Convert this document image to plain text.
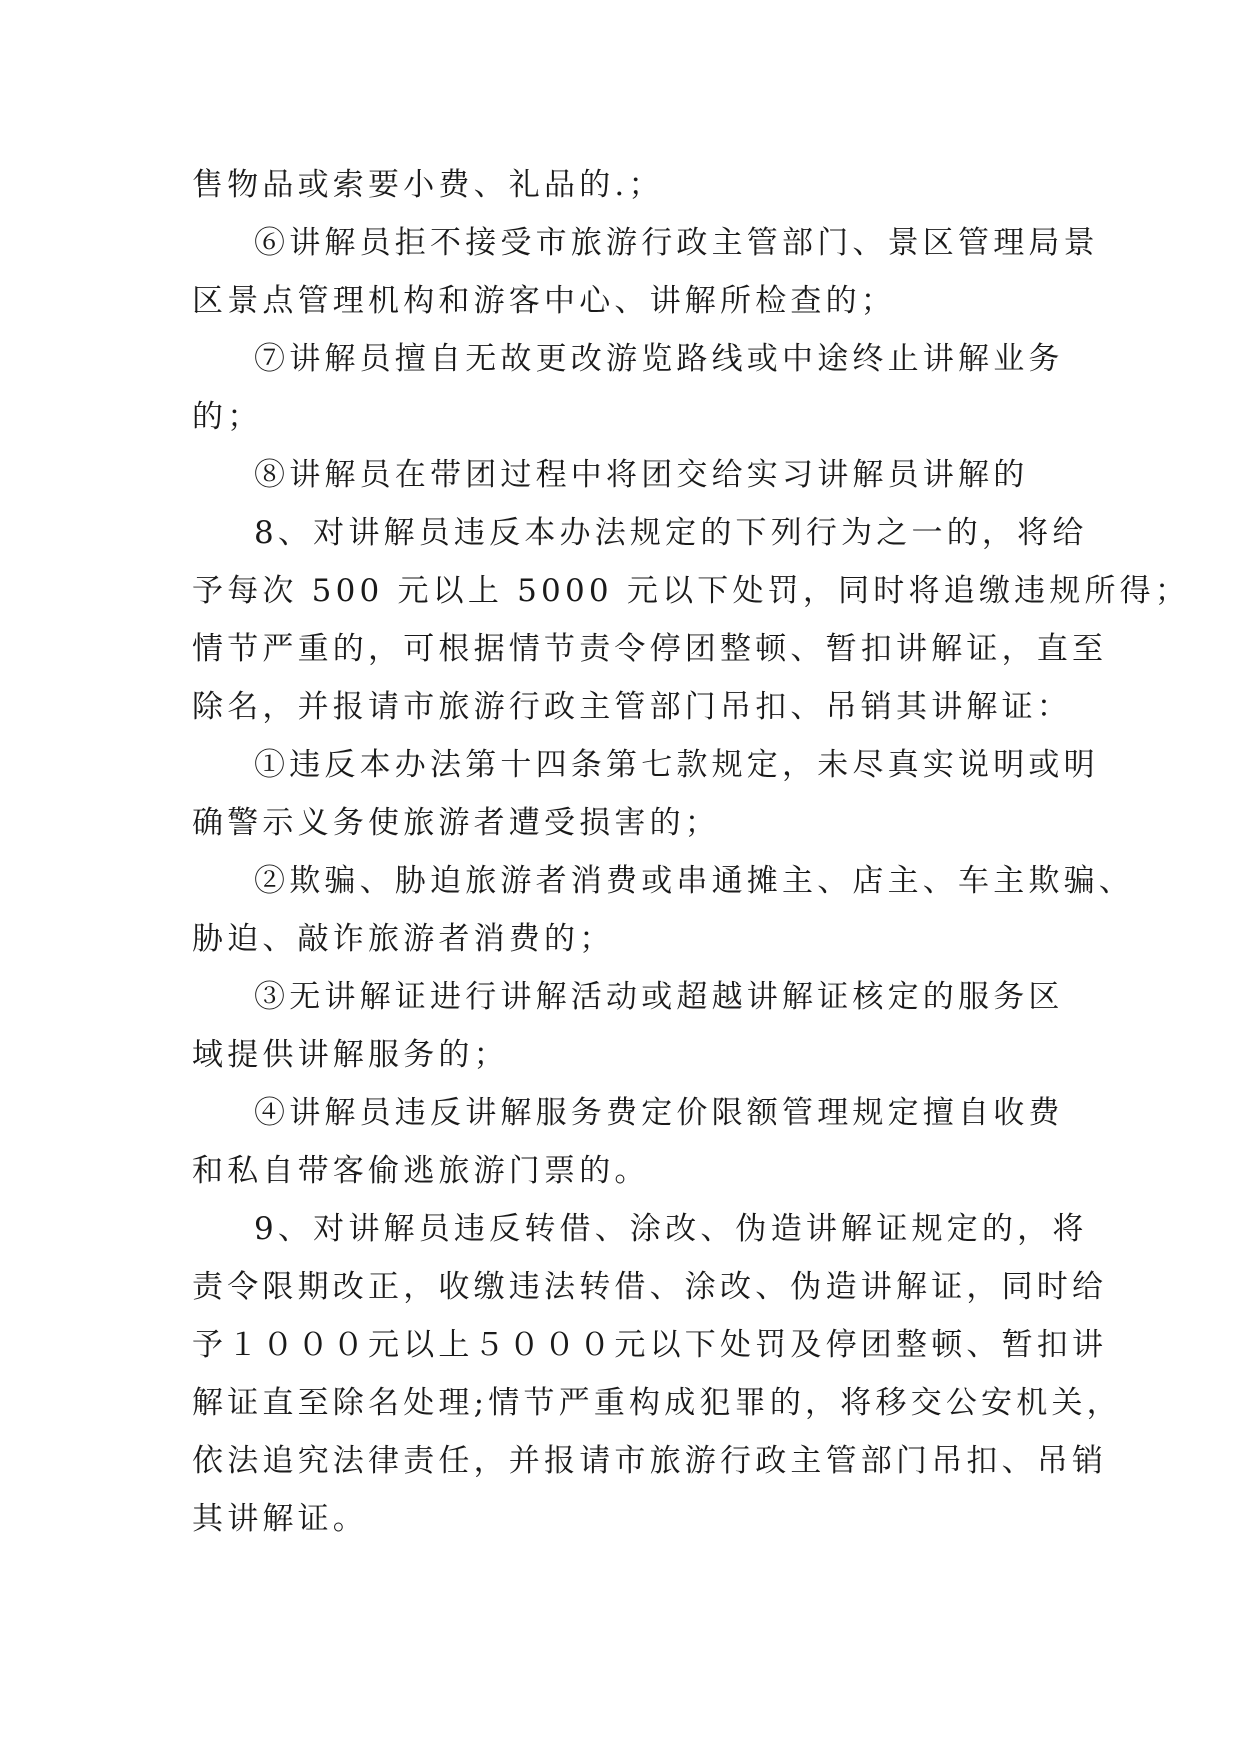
售物品或索要小费、礼品的.；
⑥讲解员拒不接受市旅游行政主管部门、景区管理局景
区景点管理机构和游客中心、讲解所检查的；
⑦讲解员擅自无故更改游览路线或中途终止讲解业务
的；
⑧讲解员在带团过程中将团交给实习讲解员讲解的
8、对讲解员违反本办法规定的下列行为之一的，将给
予每次 500 元以上 5000 元以下处罚，同时将追缴违规所得；
情节严重的，可根据情节责令停团整顿、暂扣讲解证，直至
除名，并报请市旅游行政主管部门吊扣、吊销其讲解证：
①违反本办法第十四条第七款规定，未尽真实说明或明
确警示义务使旅游者遭受损害的；
②欺骗、胁迫旅游者消费或串通摊主、店主、车主欺骗、
胁迫、敲诈旅游者消费的；
③无讲解证进行讲解活动或超越讲解证核定的服务区
域提供讲解服务的；
④讲解员违反讲解服务费定价限额管理规定擅自收费
和私自带客偷逃旅游门票的。
9、对讲解员违反转借、涂改、伪造讲解证规定的，将
责令限期改正，收缴违法转借、涂改、伪造讲解证，同时给
予１０００元以上５０００元以下处罚及停团整顿、暂扣讲
解证直至除名处理;情节严重构成犯罪的，将移交公安机关，
依法追究法律责任，并报请市旅游行政主管部门吊扣、吊销
其讲解证。
